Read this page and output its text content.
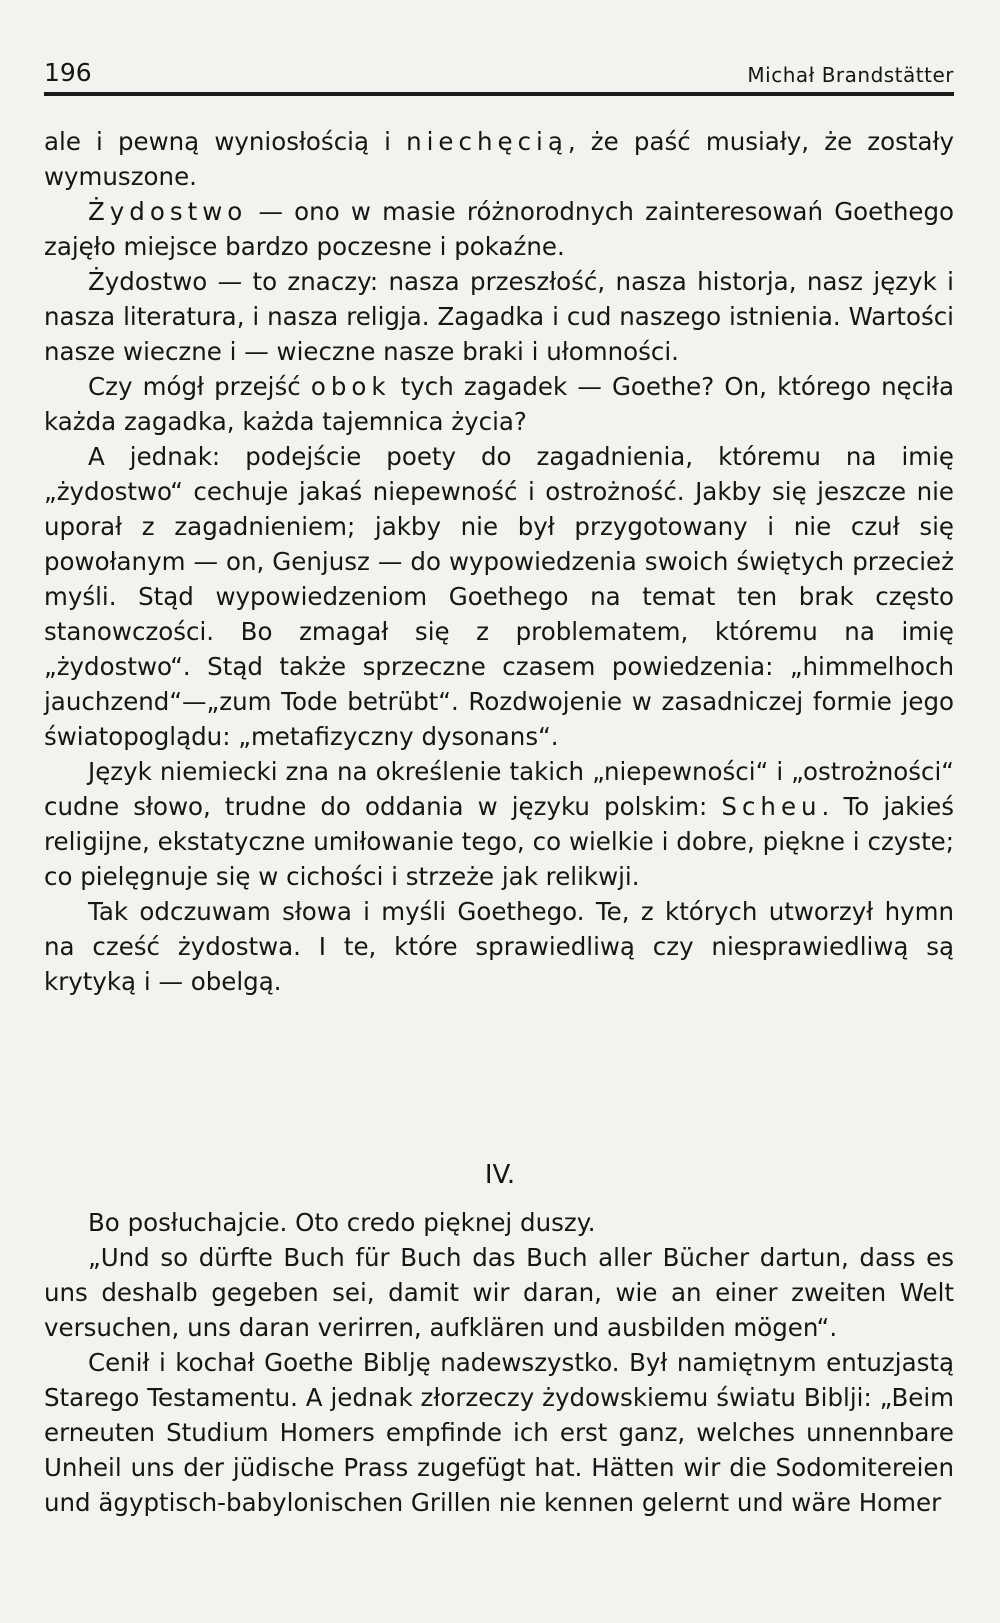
196	Michał Brandstätter

ale i pewną wyniosłością i niechęcią, że paść musiały, że zostały wymuszone.

Żydostwo — ono w masie różnorodnych zainteresowań Goethego zajęło miejsce bardzo poczesne i pokaźne.

Żydostwo — to znaczy: nasza przeszłość, nasza historja, nasz język i nasza literatura, i nasza religja. Zagadka i cud naszego istnienia. Wartości nasze wieczne i — wieczne nasze braki i ułomności.

Czy mógł przejść obok tych zagadek — Goethe? On, którego nęciła każda zagadka, każda tajemnica życia?

A jednak: podejście poety do zagadnienia, któremu na imię „żydostwo“ cechuje jakaś niepewność i ostrożność. Jakby się jeszcze nie uporał z zagadnieniem; jakby nie był przygotowany i nie czuł się powołanym — on, Genjusz — do wypowiedzenia swoich świętych przecież myśli. Stąd wypowiedzeniom Goethego na temat ten brak często stanowczości. Bo zmagał się z problematem, któremu na imię „żydostwo“. Stąd także sprzeczne czasem powiedzenia: „himmelhoch jauchzend“—„zum Tode betrübt“. Rozdwojenie w zasadniczej formie jego światopoglądu: „metafizyczny dysonans“.

Język niemiecki zna na określenie takich „niepewności“ i „ostrożności“ cudne słowo, trudne do oddania w języku polskim: Scheu. To jakieś religijne, ekstatyczne umiłowanie tego, co wielkie i dobre, piękne i czyste; co pielęgnuje się w cichości i strzeże jak relikwji.

Tak odczuwam słowa i myśli Goethego. Te, z których utworzył hymn na cześć żydostwa. I te, które sprawiedliwą czy niesprawiedliwą są krytyką i — obelgą.

IV.

Bo posłuchajcie. Oto credo pięknej duszy.

„Und so dürfte Buch für Buch das Buch aller Bücher dartun, dass es uns deshalb gegeben sei, damit wir daran, wie an einer zweiten Welt versuchen, uns daran verirren, aufklären und ausbilden mögen“.

Cenił i kochał Goethe Biblję nadewszystko. Był namiętnym entuzjastą Starego Testamentu. A jednak złorzeczy żydowskiemu światu Biblji: „Beim erneuten Studium Homers empfinde ich erst ganz, welches unnennbare Unheil uns der jüdische Prass zugefügt hat. Hätten wir die Sodomitereien und ägyptisch-babylonischen Grillen nie kennen gelernt und wäre Homer
